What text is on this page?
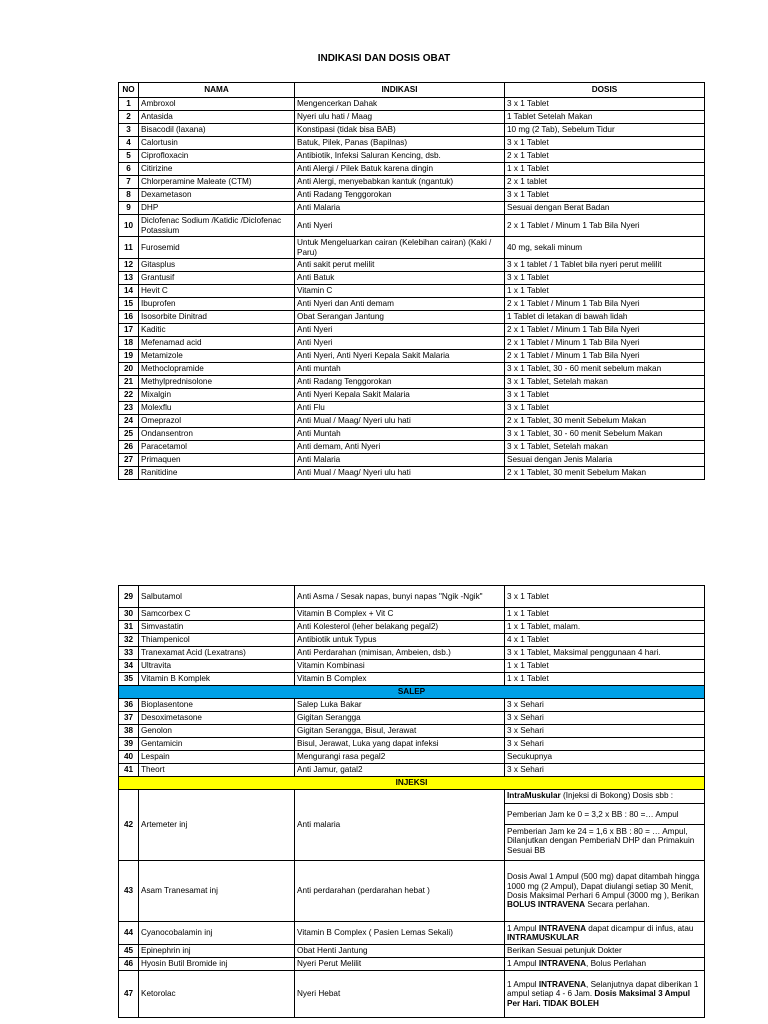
INDIKASI DAN DOSIS OBAT
NO	NAMA	INDIKASI	DOSIS
1	Ambroxol	Mengencerkan Dahak	3 x 1 Tablet
2	Antasida	Nyeri ulu hati / Maag	1 Tablet Setelah Makan
3	Bisacodil (laxana)	Konstipasi (tidak bisa BAB)	10 mg (2 Tab), Sebelum Tidur
4	Calortusin	Batuk, Pilek, Panas (Bapilnas)	3 x 1 Tablet
5	Ciprofloxacin	Antibiotik, Infeksi Saluran Kencing, dsb.	2 x 1 Tablet
6	Citirizine	Anti Alergi / Pilek Batuk karena dingin	1 x 1 Tablet
7	Chlorperamine Maleate (CTM)	Anti Alergi, menyebabkan kantuk (ngantuk)	2 x 1 tablet
8	Dexametason	Anti Radang Tenggorokan	3 x 1 Tablet
9	DHP	Anti Malaria	Sesuai dengan Berat Badan
10	Diclofenac Sodium /Katidic /Diclofenac Potassium	Anti Nyeri	2 x 1 Tablet / Minum 1 Tab Bila Nyeri
11	Furosemid	Untuk Mengeluarkan cairan (Kelebihan cairan) (Kaki / Paru)	40 mg, sekali minum
12	Gitasplus	Anti sakit perut melilit	3 x 1 tablet / 1 Tablet bila nyeri perut melilit
13	Grantusif	Anti Batuk	3 x 1 Tablet
14	Hevit C	Vitamin C	1 x 1 Tablet
15	Ibuprofen	Anti Nyeri dan Anti demam	2 x 1 Tablet / Minum 1 Tab Bila Nyeri
16	Isosorbite Dinitrad	Obat Serangan Jantung	1 Tablet di letakan di bawah lidah
17	Kaditic	Anti Nyeri	2 x 1 Tablet / Minum 1 Tab Bila Nyeri
18	Mefenamad acid	Anti Nyeri	2 x 1 Tablet / Minum 1 Tab Bila Nyeri
19	Metamizole	Anti Nyeri, Anti Nyeri Kepala Sakit Malaria	2 x 1 Tablet / Minum 1 Tab Bila Nyeri
20	Methoclopramide	Anti muntah	3 x 1 Tablet, 30 - 60 menit sebelum makan
21	Methylprednisolone	Anti Radang Tenggorokan	3 x 1 Tablet, Setelah makan
22	Mixalgin	Anti Nyeri Kepala Sakit Malaria	3 x 1 Tablet
23	Molexflu	Anti Flu	3 x 1 Tablet
24	Omeprazol	Anti Mual / Maag/ Nyeri ulu hati	2 x 1 Tablet, 30 menit Sebelum Makan
25	Ondansentron	Anti Muntah	3 x 1 Tablet, 30 - 60 menit Sebelum Makan
26	Paracetamol	Anti demam, Anti Nyeri	3 x 1 Tablet, Setelah makan
27	Primaquen	Anti Malaria	Sesuai dengan Jenis Malaria
28	Ranitidine	Anti Mual / Maag/ Nyeri ulu hati	2 x 1 Tablet, 30 menit Sebelum Makan
29	Salbutamol	Anti Asma / Sesak napas, bunyi napas "Ngik -Ngik"	3 x 1 Tablet
30	Samcorbex C	Vitamin B Complex + Vit C	1 x 1 Tablet
31	Simvastatin	Anti Kolesterol (leher belakang pegal2)	1 x 1 Tablet, malam.
32	Thiampenicol	Antibiotik untuk Typus	4 x 1 Tablet
33	Tranexamat Acid (Lexatrans)	Anti Perdarahan (mimisan, Ambeien, dsb.)	3 x 1 Tablet, Maksimal penggunaan 4 hari.
34	Ultravita	Vitamin Kombinasi	1 x 1 Tablet
35	Vitamin B Komplek	Vitamin B Complex	1 x 1 Tablet
SALEP			
36	Bioplasentone	Salep Luka Bakar	3 x Sehari
37	Desoximetasone	Gigitan Serangga	3 x Sehari
38	Genolon	Gigitan Serangga, Bisul, Jerawat	3 x Sehari
39	Gentamicin	Bisul, Jerawat, Luka yang dapat infeksi	3 x Sehari
40	Lespain	Mengurangi rasa pegal2	Secukupnya
41	Theort	Anti Jamur, gatal2	3 x Sehari
INJEKSI			
42	Artemeter inj	Anti malaria	IntraMuskular (Injeksi di Bokong) Dosis sbb :
Pemberian Jam ke 0 = 3,2 x BB : 80 =… Ampul
Pemberian Jam ke 24 = 1,6 x BB : 80 = … Ampul, Dilanjutkan dengan PemberiaN DHP dan Primakuin Sesuai BB

43	Asam Tranesamat inj	Anti perdarahan (perdarahan hebat )	Dosis Awal 1 Ampul (500 mg) dapat ditambah hingga 1000 mg (2 Ampul), Dapat diulangi setiap 30 Menit, Dosis Maksimal Perhari 6 Ampul (3000 mg ), Berikan BOLUS INTRAVENA Secara perlahan.
44	Cyanocobalamin inj	Vitamin B Complex ( Pasien Lemas Sekali)	1 Ampul INTRAVENA dapat dicampur di infus, atau INTRAMUSKULAR
45	Epinephrin inj	Obat Henti Jantung	Berikan Sesuai petunjuk Dokter
46	Hyosin Butil Bromide inj	Nyeri Perut Melilit	1 Ampul INTRAVENA, Bolus Perlahan
47	Ketorolac	Nyeri Hebat	1 Ampul INTRAVENA, Selanjutnya dapat diberikan 1 ampul setiap 4 - 6 Jam. Dosis Maksimal 3 Ampul Per Hari. TIDAK BOLEH
